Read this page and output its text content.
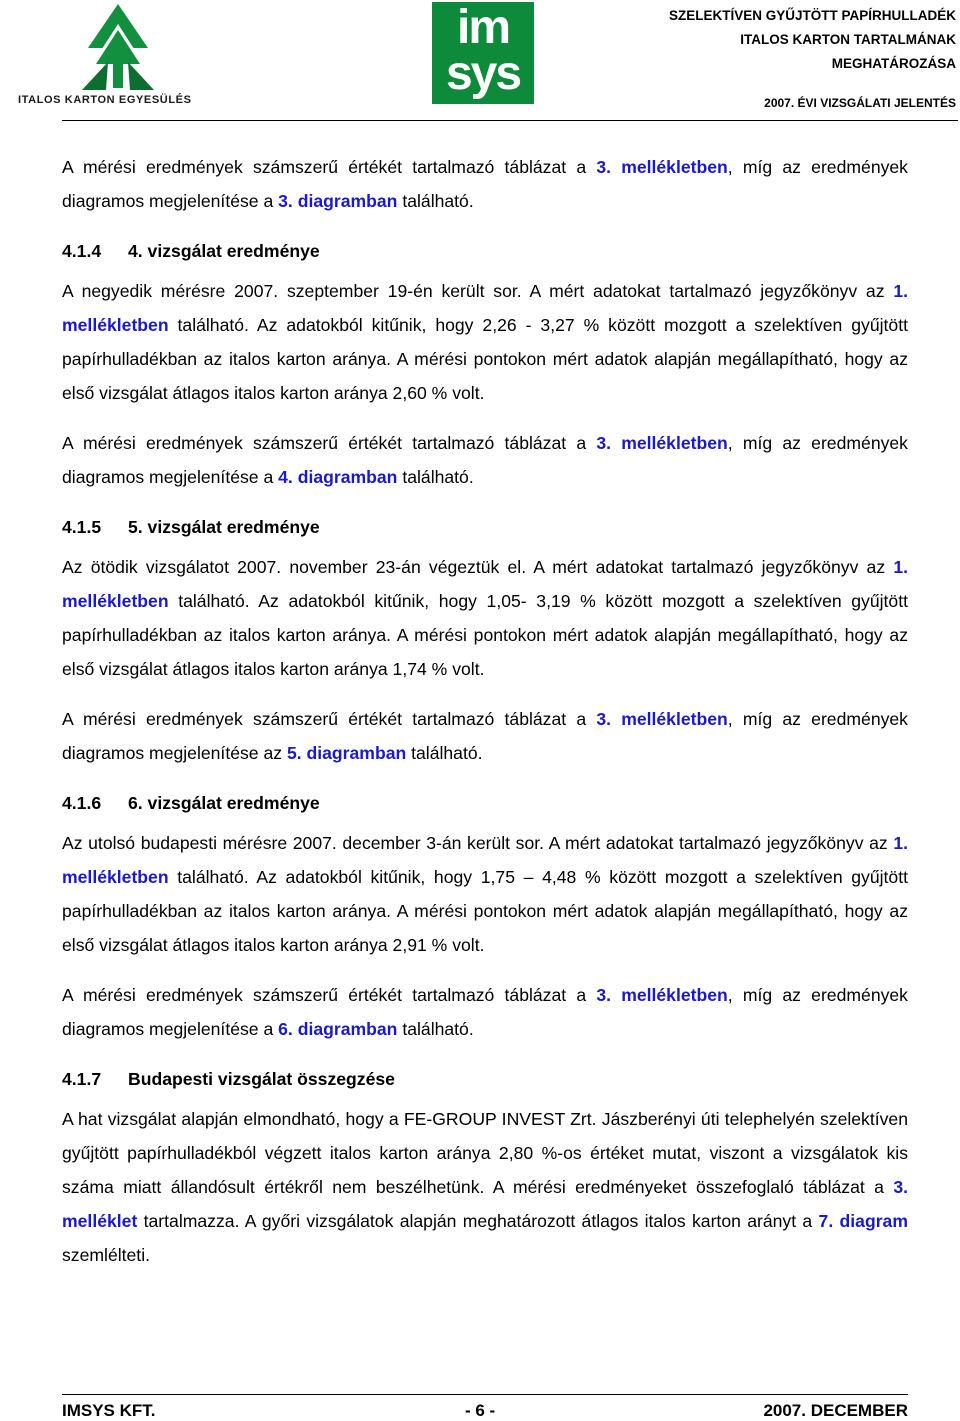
ITALOS KARTON EGYESÜLÉS
im
sys
SZELEKTÍVEN GYŰJTÖTT PAPÍRHULLADÉK
ITALOS KARTON TARTALMÁNAK
MEGHATÁROZÁSA
2007. ÉVI VIZSGÁLATI JELENTÉS

A mérési eredmények számszerű értékét tartalmazó táblázat a 3. mellékletben, míg az eredmények diagramos megjelenítése a 3. diagramban található.

4.1.4 4. vizsgálat eredménye

A negyedik mérésre 2007. szeptember 19-én került sor. A mért adatokat tartalmazó jegyzőkönyv az 1. mellékletben található. Az adatokból kitűnik, hogy 2,26 - 3,27 % között mozgott a szelektíven gyűjtött papírhulladékban az italos karton aránya. A mérési pontokon mért adatok alapján megállapítható, hogy az első vizsgálat átlagos italos karton aránya 2,60 % volt.

A mérési eredmények számszerű értékét tartalmazó táblázat a 3. mellékletben, míg az eredmények diagramos megjelenítése a 4. diagramban található.

4.1.5 5. vizsgálat eredménye

Az ötödik vizsgálatot 2007. november 23-án végeztük el. A mért adatokat tartalmazó jegyzőkönyv az 1. mellékletben található. Az adatokból kitűnik, hogy 1,05- 3,19 % között mozgott a szelektíven gyűjtött papírhulladékban az italos karton aránya. A mérési pontokon mért adatok alapján megállapítható, hogy az első vizsgálat átlagos italos karton aránya 1,74 % volt.

A mérési eredmények számszerű értékét tartalmazó táblázat a 3. mellékletben, míg az eredmények diagramos megjelenítése az 5. diagramban található.

4.1.6 6. vizsgálat eredménye

Az utolsó budapesti mérésre 2007. december 3-án került sor. A mért adatokat tartalmazó jegyzőkönyv az 1. mellékletben található. Az adatokból kitűnik, hogy 1,75 – 4,48 % között mozgott a szelektíven gyűjtött papírhulladékban az italos karton aránya. A mérési pontokon mért adatok alapján megállapítható, hogy az első vizsgálat átlagos italos karton aránya 2,91 % volt.

A mérési eredmények számszerű értékét tartalmazó táblázat a 3. mellékletben, míg az eredmények diagramos megjelenítése a 6. diagramban található.

4.1.7 Budapesti vizsgálat összegzése

A hat vizsgálat alapján elmondható, hogy a FE-GROUP INVEST Zrt. Jászberényi úti telephelyén szelektíven gyűjtött papírhulladékból végzett italos karton aránya 2,80 %-os értéket mutat, viszont a vizsgálatok kis száma miatt állandósult értékről nem beszélhetünk. A mérési eredményeket összefoglaló táblázat a 3. melléklet tartalmazza. A győri vizsgálatok alapján meghatározott átlagos italos karton arányt a 7. diagram szemlélteti.

IMSYS KFT.	- 6 -	2007. DECEMBER
